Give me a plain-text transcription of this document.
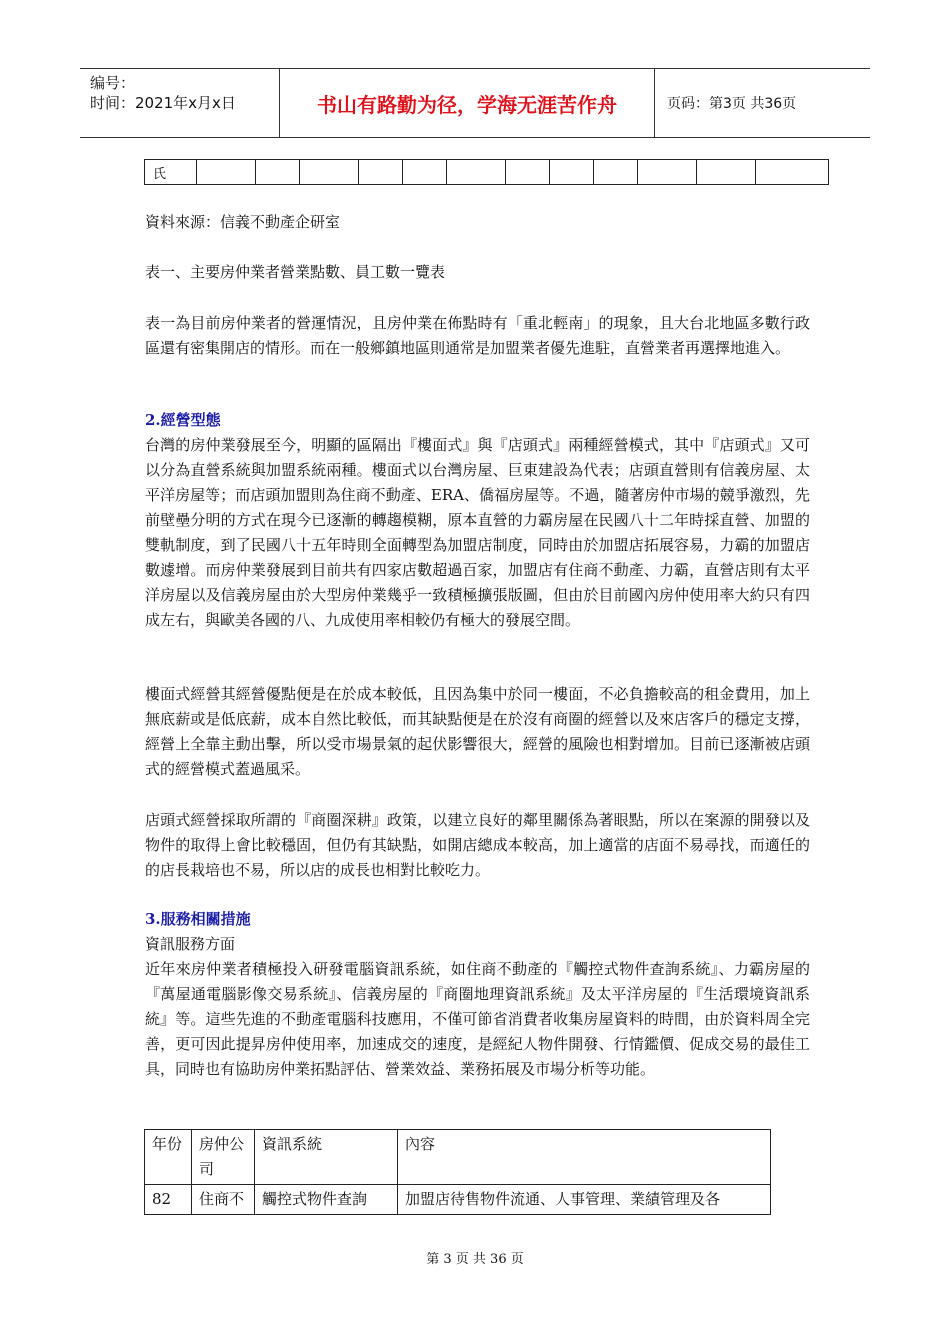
编号：
时间：2021年x月x日	书山有路勤为径，学海无涯苦作舟	页码：第3页 共36页
氏												

資料來源：信義不動產企研室

表一、主要房仲業者營業點數、員工數一覽表

表一為目前房仲業者的營運情況，且房仲業在佈點時有「重北輕南」的現象，且大台北地區多數行政區還有密集開店的情形。而在一般鄉鎮地區則通常是加盟業者優先進駐，直營業者再選擇地進入。

2.經營型態

台灣的房仲業發展至今，明顯的區隔出『樓面式』與『店頭式』兩種經營模式，其中『店頭式』又可以分為直營系統與加盟系統兩種。樓面式以台灣房屋、巨東建設為代表；店頭直營則有信義房屋、太平洋房屋等；而店頭加盟則為住商不動產、ERA、僑福房屋等。不過，隨著房仲市場的競爭激烈，先前壁壘分明的方式在現今已逐漸的轉趨模糊，原本直營的力霸房屋在民國八十二年時採直營、加盟的雙軌制度，到了民國八十五年時則全面轉型為加盟店制度，同時由於加盟店拓展容易，力霸的加盟店數遽增。而房仲業發展到目前共有四家店數超過百家，加盟店有住商不動產、力霸，直營店則有太平洋房屋以及信義房屋由於大型房仲業幾乎一致積極擴張版圖，但由於目前國內房仲使用率大約只有四成左右，與歐美各國的八、九成使用率相較仍有極大的發展空間。

樓面式經營其經營優點便是在於成本較低，且因為集中於同一樓面，不必負擔較高的租金費用，加上無底薪或是低底薪，成本自然比較低，而其缺點便是在於沒有商圈的經營以及來店客戶的穩定支撐，經營上全靠主動出擊，所以受市場景氣的起伏影響很大，經營的風險也相對增加。目前已逐漸被店頭式的經營模式蓋過風采。

店頭式經營採取所謂的『商圈深耕』政策，以建立良好的鄰里關係為著眼點，所以在案源的開發以及物件的取得上會比較穩固，但仍有其缺點，如開店總成本較高，加上適當的店面不易尋找，而適任的的店長栽培也不易，所以店的成長也相對比較吃力。

3.服務相關措施

資訊服務方面

近年來房仲業者積極投入研發電腦資訊系統，如住商不動產的『觸控式物件查詢系統』、力霸房屋的『萬屋通電腦影像交易系統』、信義房屋的『商圈地理資訊系統』及太平洋房屋的『生活環境資訊系統』等。這些先進的不動產電腦科技應用，不僅可節省消費者收集房屋資料的時間，由於資料周全完善，更可因此提昇房仲使用率，加速成交的速度，是經紀人物件開發、行情鑑價、促成交易的最佳工具，同時也有協助房仲業拓點評估、營業效益、業務拓展及市場分析等功能。

年份	房仲公司	資訊系統	內容
82	住商不	觸控式物件查詢	加盟店待售物件流通、人事管理、業績管理及各
第 3 页 共 36 页
